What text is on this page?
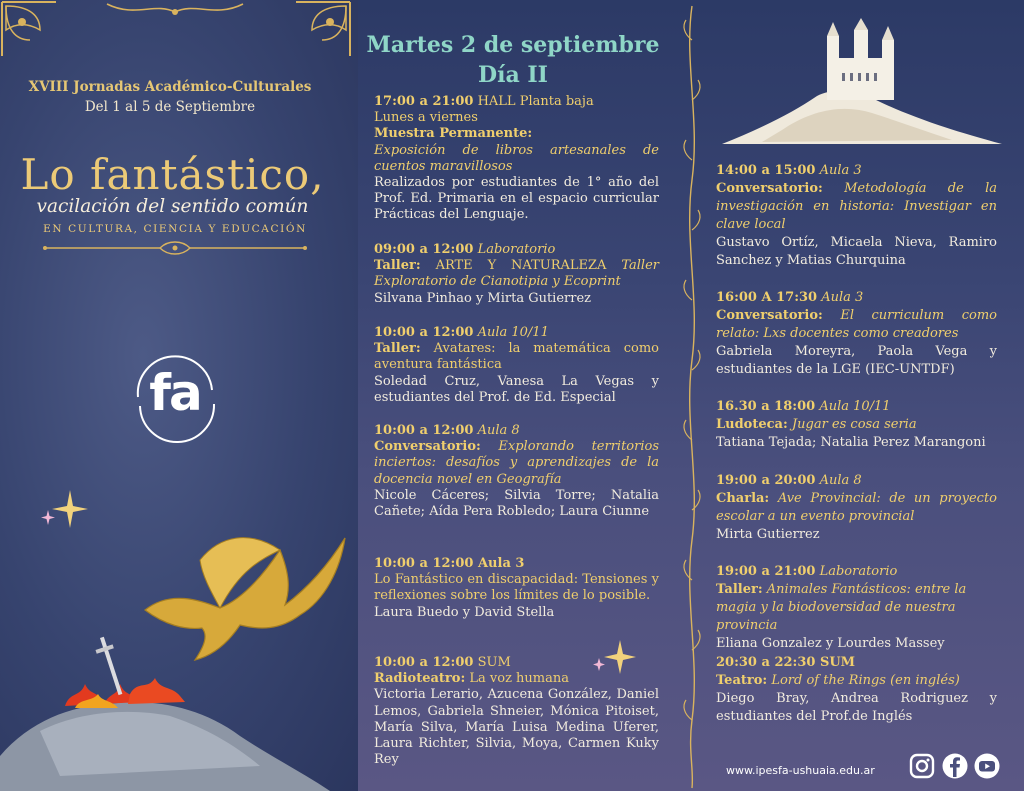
XVIII Jornadas Académico-Culturales
Del 1 al 5 de Septiembre
Lo fantástico,
vacilación del sentido común
EN CULTURA, CIENCIA Y EDUCACIÓN
fa
Martes 2 de septiembre
Día II
17:00 a 21:00 HALL Planta baja
Lunes a viernes
Muestra Permanente:
Exposición de libros artesanales de cuentos maravillosos
Realizados por estudiantes de 1° año del Prof. Ed. Primaria en el espacio curricular Prácticas del Lenguaje.
09:00 a 12:00 Laboratorio
Taller: ARTE Y NATURALEZA Taller Exploratorio de Cianotipia y Ecoprint
Silvana Pinhao y Mirta Gutierrez
10:00 a 12:00 Aula 10/11
Taller: Avatares: la matemática como aventura fantástica
Soledad Cruz, Vanesa La Vegas y estudiantes del Prof. de Ed. Especial
10:00 a 12:00 Aula 8
Conversatorio: Explorando territorios inciertos: desafíos y aprendizajes de la docencia novel en Geografía
Nicole Cáceres; Silvia Torre; Natalia Cañete; Aída Pera Robledo; Laura Ciunne
10:00 a 12:00 Aula 3
Lo Fantástico en discapacidad: Tensiones y reflexiones sobre los límites de lo posible.
Laura Buedo y David Stella
10:00 a 12:00 SUM
Radioteatro: La voz humana
Victoria Lerario, Azucena González, Daniel Lemos, Gabriela Shneier, Mónica Pitoiset, María Silva, María Luisa Medina Uferer, Laura Richter, Silvia, Moya, Carmen Kuky Rey
14:00 a 15:00 Aula 3
Conversatorio: Metodología de la investigación en historia: Investigar en clave local
Gustavo Ortíz, Micaela Nieva, Ramiro Sanchez y Matias Churquina
16:00 A 17:30 Aula 3
Conversatorio: El curriculum como relato: Lxs docentes como creadores
Gabriela Moreyra, Paola Vega y estudiantes de la LGE (IEC-UNTDF)
16.30 a 18:00 Aula 10/11
Ludoteca: Jugar es cosa seria
Tatiana Tejada; Natalia Perez Marangoni
19:00 a 20:00 Aula 8
Charla: Ave Provincial: de un proyecto escolar a un evento provincial
Mirta Gutierrez
19:00 a 21:00 Laboratorio
Taller: Animales Fantásticos: entre la magia y la biodoversidad de nuestra provincia
Eliana Gonzalez y Lourdes Massey
20:30 a 22:30 SUM
Teatro: Lord of the Rings (en inglés)
Diego Bray, Andrea Rodriguez y estudiantes del Prof.de Inglés
www.ipesfa-ushuaia.edu.ar
